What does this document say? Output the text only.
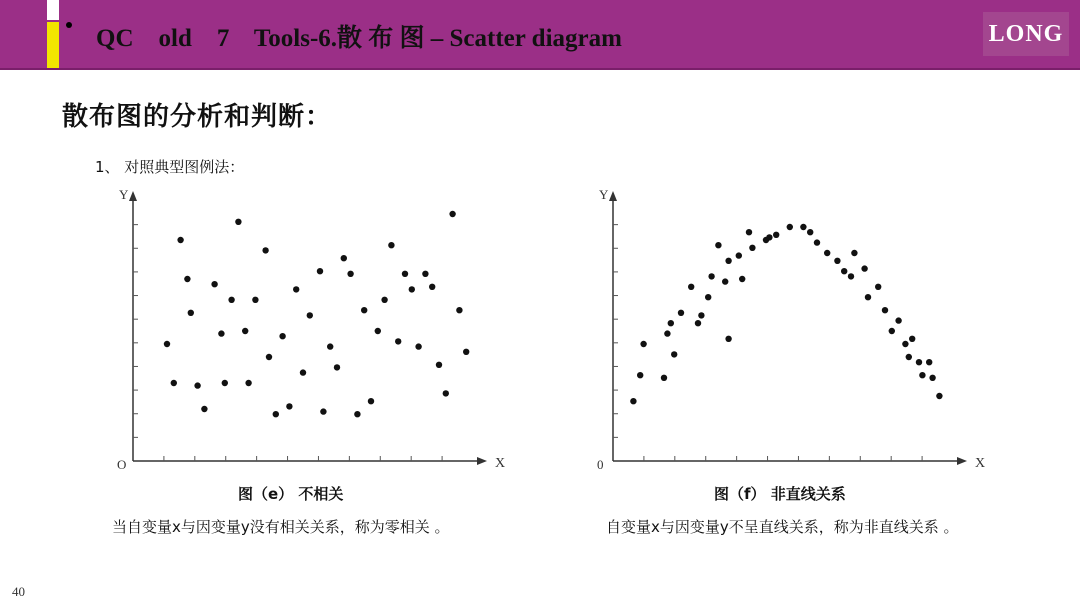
QC    old    7    Tools-6.散 布 图 – Scatter diagram	LONG
散布图的分析和判断：
1、 对照典型图例法：
Y
X
O
Y
X
0
图（e） 不相关	图（f） 非直线关系
当自变量x与因变量y没有相关关系，称为零相关 。	自变量x与因变量y不呈直线关系，称为非直线关系 。
40
